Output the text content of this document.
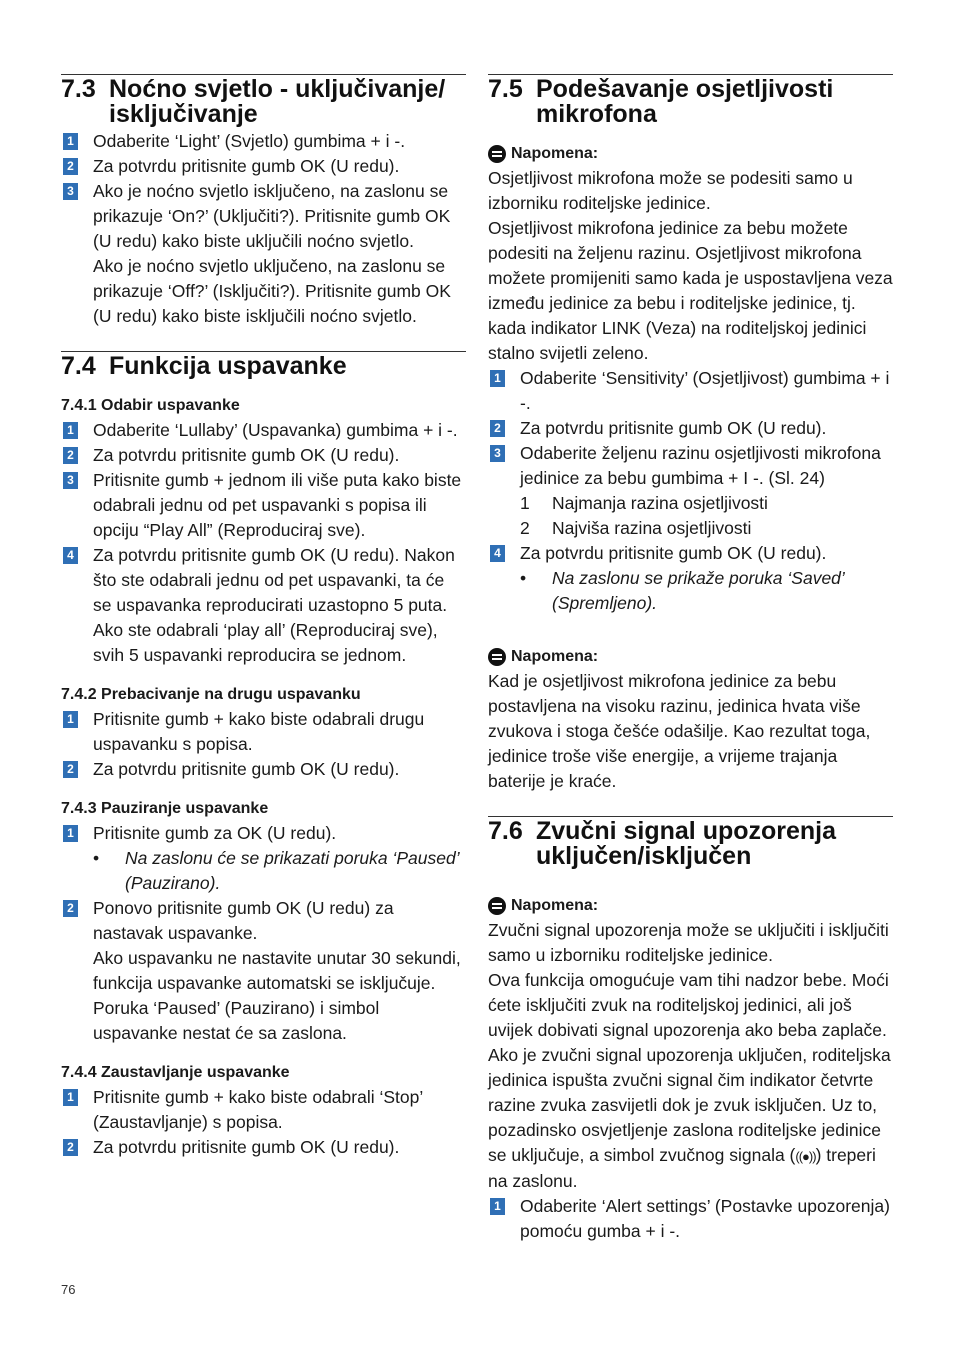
7.3 Noćno svjetlo - uključivanje/ isključivanje
1 Odaberite ‘Light’ (Svjetlo) gumbima + i -.

2 Za potvrdu pritisnite gumb OK (U redu).

3 Ako je noćno svjetlo isključeno, na zaslonu se prikazuje ‘On?’ (Uključiti?). Pritisnite gumb OK (U redu) kako biste uključili noćno svjetlo.

Ako je noćno svjetlo uključeno, na zaslonu se prikazuje ‘Off?’ (Isključiti?). Pritisnite gumb OK (U redu) kako biste isključili noćno svjetlo.

7.4 Funkcija uspavanke
7.4.1 Odabir uspavanke
1 Odaberite ‘Lullaby’ (Uspavanka) gumbima + i -.

2 Za potvrdu pritisnite gumb OK (U redu).

3 Pritisnite gumb + jednom ili više puta kako biste odabrali jednu od pet uspavanki s popisa ili opciju “Play All” (Reproduciraj sve).

4 Za potvrdu pritisnite gumb OK (U redu). Nakon što ste odabrali jednu od pet uspavanki, ta će se uspavanka reproducirati uzastopno 5 puta.

Ako ste odabrali ‘play all’ (Reproduciraj sve), svih 5 uspavanki reproducira se jednom.

7.4.2 Prebacivanje na drugu uspavanku
1 Pritisnite gumb + kako biste odabrali drugu uspavanku s popisa.

2 Za potvrdu pritisnite gumb OK (U redu).

7.4.3 Pauziranje uspavanke
1 Pritisnite gumb za OK (U redu).

•	Na zaslonu će se prikazati poruka ‘Paused’ (Pauzirano).
2 Ponovo pritisnite gumb OK (U redu) za nastavak uspavanke.

Ako uspavanku ne nastavite unutar 30 sekundi, funkcija uspavanke automatski se isključuje. Poruka ‘Paused’ (Pauzirano) i simbol uspavanke nestat će sa zaslona.

7.4.4 Zaustavljanje uspavanke
1 Pritisnite gumb + kako biste odabrali ‘Stop’ (Zaustavljanje) s popisa.

2 Za potvrdu pritisnite gumb OK (U redu).

7.5 Podešavanje osjetljivosti mikrofona
Napomena:

Osjetljivost mikrofona može se podesiti samo u izborniku roditeljske jedinice.

Osjetljivost mikrofona jedinice za bebu možete podesiti na željenu razinu. Osjetljivost mikrofona možete promijeniti samo kada je uspostavljena veza između jedinice za bebu i roditeljske jedinice, tj. kada indikator LINK (Veza) na roditeljskoj jedinici stalno svijetli zeleno.

1 Odaberite ‘Sensitivity’ (Osjetljivost) gumbima + i -.

2 Za potvrdu pritisnite gumb OK (U redu).

3 Odaberite željenu razinu osjetljivosti mikrofona jedinice za bebu gumbima + I -. (Sl. 24)

1	Najmanja razina osjetljivosti
2	Najviša razina osjetljivosti
4 Za potvrdu pritisnite gumb OK (U redu).

•	Na zaslonu se prikaže poruka ‘Saved’ (Spremljeno).
Napomena:
Kad je osjetljivost mikrofona jedinice za bebu postavljena na visoku razinu, jedinica hvata više zvukova i stoga češće odašilje. Kao rezultat toga, jedinice troše više energije, a vrijeme trajanja baterije je kraće.
7.6 Zvučni signal upozorenja uključen/isključen
Napomena:

Zvučni signal upozorenja može se uključiti i isključiti samo u izborniku roditeljske jedinice.

Ova funkcija omogućuje vam tihi nadzor bebe. Moći ćete isključiti zvuk na roditeljskoj jedinici, ali još uvijek dobivati signal upozorenja ako beba zaplače.

Ako je zvučni signal upozorenja uključen, roditeljska jedinica ispušta zvučni signal čim indikator četvrte razine zvuka zasvijetli dok je zvuk isključen. Uz to, pozadinsko osvjetljenje zaslona roditeljske jedinice se uključuje, a simbol zvučnog signala (((●))) treperi na zaslonu.

1 Odaberite ‘Alert settings’ (Postavke upozorenja) pomoću gumba + i -.

76
